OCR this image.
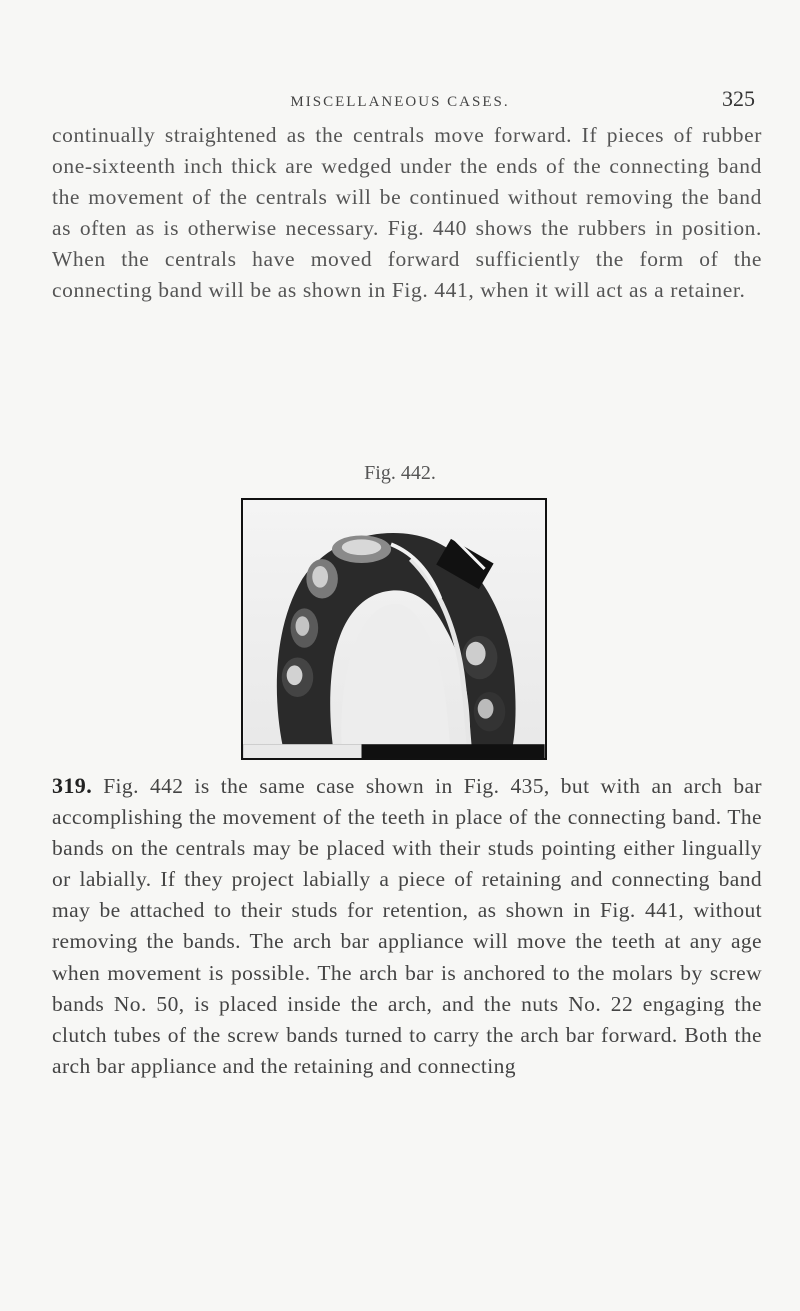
MISCELLANEOUS CASES.	325

continually straightened as the centrals move forward. If pieces of rubber one-sixteenth inch thick are wedged under the ends of the connecting band the movement of the centrals will be continued without removing the band as often as is otherwise necessary. Fig. 440 shows the rubbers in position. When the centrals have moved forward sufficiently the form of the connecting band will be as shown in Fig. 441, when it will act as a retainer.

Fig. 442.

319. Fig. 442 is the same case shown in Fig. 435, but with an arch bar accomplishing the movement of the teeth in place of the connecting band. The bands on the centrals may be placed with their studs pointing either lingually or labially. If they project labially a piece of retaining and connecting band may be attached to their studs for retention, as shown in Fig. 441, without removing the bands. The arch bar appliance will move the teeth at any age when movement is possible. The arch bar is anchored to the molars by screw bands No. 50, is placed inside the arch, and the nuts No. 22 engaging the clutch tubes of the screw bands turned to carry the arch bar forward. Both the arch bar appliance and the retaining and connecting
